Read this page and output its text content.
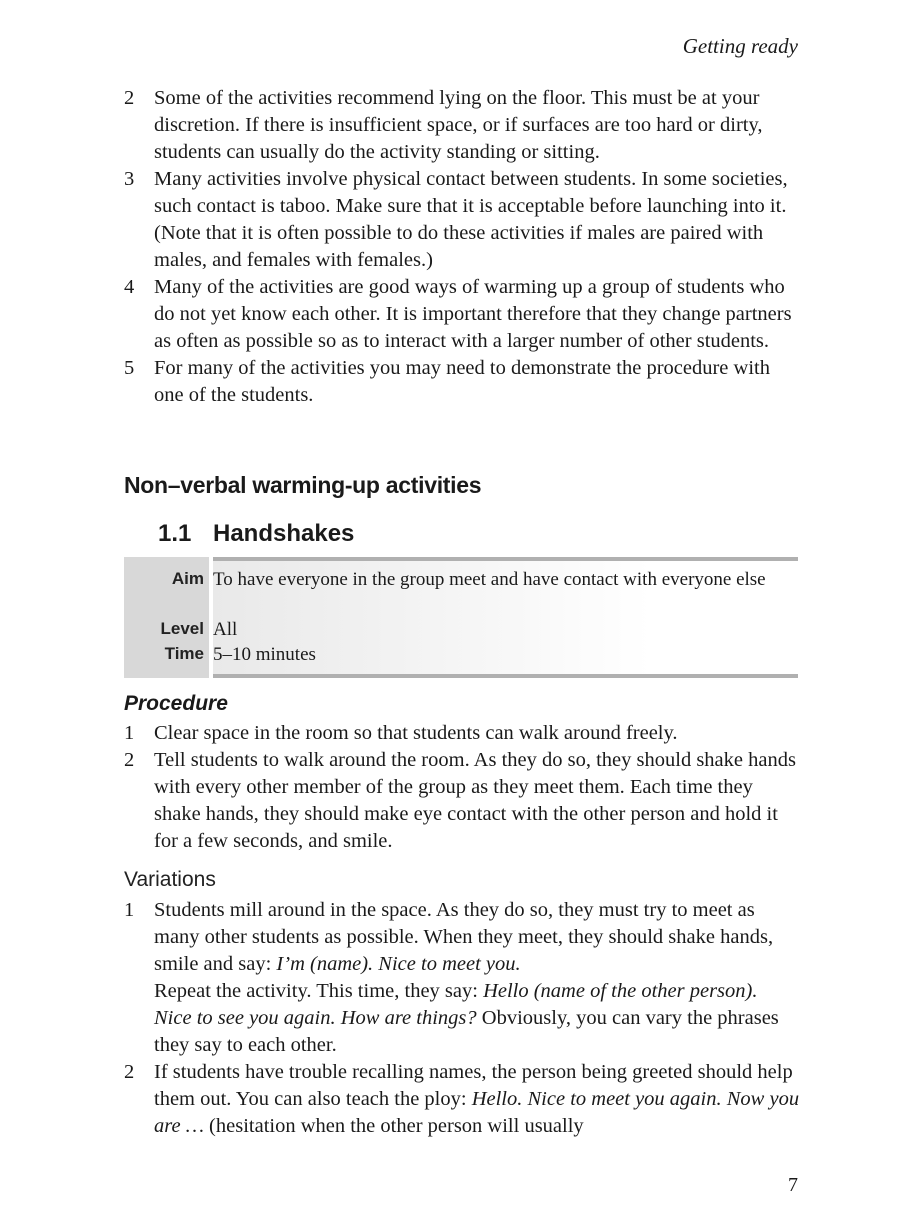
Getting ready
2 Some of the activities recommend lying on the floor. This must be at your discretion. If there is insufficient space, or if surfaces are too hard or dirty, students can usually do the activity standing or sitting.
3 Many activities involve physical contact between students. In some societies, such contact is taboo. Make sure that it is acceptable before launching into it. (Note that it is often possible to do these activities if males are paired with males, and females with females.)
4 Many of the activities are good ways of warming up a group of students who do not yet know each other. It is important therefore that they change partners as often as possible so as to interact with a larger number of other students.
5 For many of the activities you may need to demonstrate the procedure with one of the students.
Non–verbal warming-up activities
1.1 Handshakes
Aim
Level
Time
To have everyone in the group meet and have contact with everyone else
All
5–10 minutes
Procedure
1 Clear space in the room so that students can walk around freely.
2 Tell students to walk around the room. As they do so, they should shake hands with every other member of the group as they meet them. Each time they shake hands, they should make eye contact with the other person and hold it for a few seconds, and smile.
Variations
1 Students mill around in the space. As they do so, they must try to meet as many other students as possible. When they meet, they should shake hands, smile and say: I’m (name). Nice to meet you.
Repeat the activity. This time, they say: Hello (name of the other person). Nice to see you again. How are things? Obviously, you can vary the phrases they say to each other.
2 If students have trouble recalling names, the person being greeted should help them out. You can also teach the ploy: Hello. Nice to meet you again. Now you are … (hesitation when the other person will usually
7
